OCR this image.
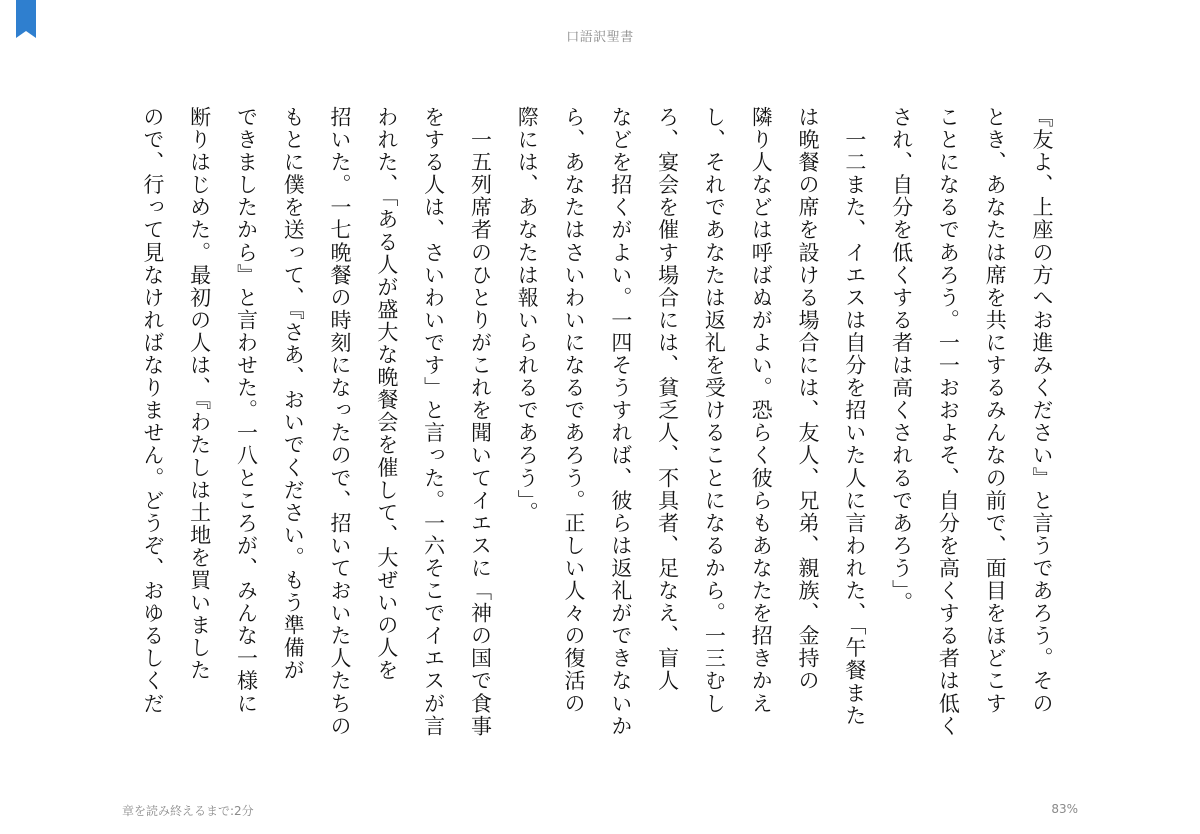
口語訳聖書
『友よ、上座の方へお進みください』と言うであろう。その
とき、あなたは席を共にするみんなの前で、面目をほどこす
ことになるであろう。一一おおよそ、自分を高くする者は低く
され、自分を低くする者は高くされるであろう」。
　一二また、イエスは自分を招いた人に言われた、「午餐また
は晩餐の席を設ける場合には、友人、兄弟、親族、金持の
隣り人などは呼ばぬがよい。恐らく彼らもあなたを招きかえ
し、それであなたは返礼を受けることになるから。一三むし
ろ、宴会を催す場合には、貧乏人、不具者、足なえ、盲人
などを招くがよい。一四そうすれば、彼らは返礼ができないか
ら、あなたはさいわいになるであろう。正しい人々の復活の
際には、あなたは報いられるであろう」。
　一五列席者のひとりがこれを聞いてイエスに「神の国で食事
をする人は、さいわいです」と言った。一六そこでイエスが言
われた、「ある人が盛大な晩餐会を催して、大ぜいの人を
招いた。一七晩餐の時刻になったので、招いておいた人たちの
もとに僕を送って、『さあ、おいでください。もう準備が
できましたから』と言わせた。一八ところが、みんな一様に
断りはじめた。最初の人は、『わたしは土地を買いました
ので、行って見なければなりません。どうぞ、おゆるしくだ
章を読み終えるまで:2分	83%
